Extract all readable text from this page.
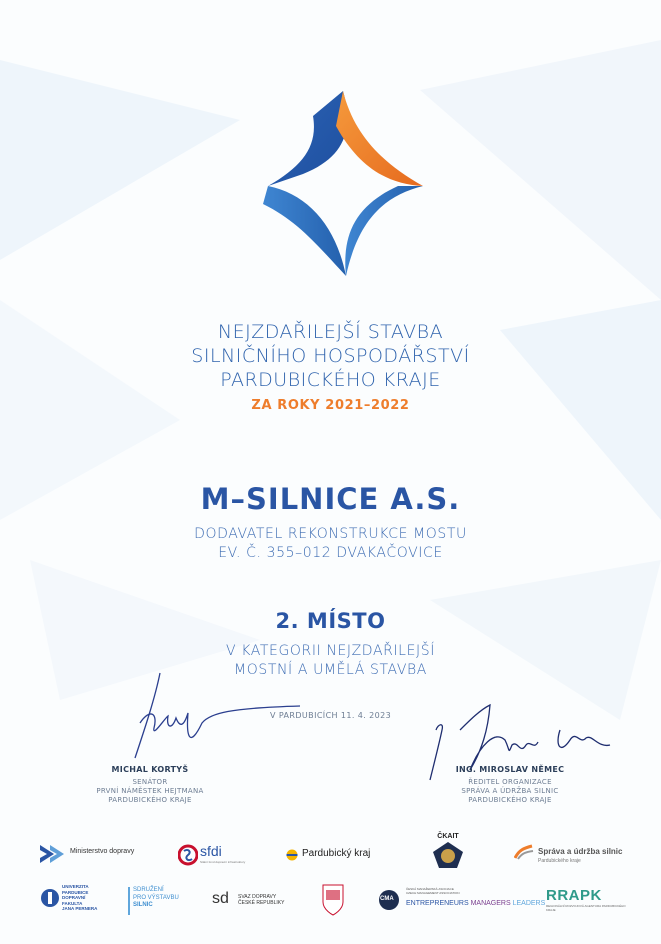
NEJZDAŘILEJŠÍ STAVBA
SILNIČNÍHO HOSPODÁŘSTVÍ
PARDUBICKÉHO KRAJE
ZA ROKY 2021–2022
M–SILNICE A.S.
DODAVATEL REKONSTRUKCE MOSTU
EV. Č. 355–012 DVAKAČOVICE
2. MÍSTO
V KATEGORII NEJZDAŘILEJŠÍ
MOSTNÍ A UMĚLÁ STAVBA
V PARDUBICÍCH 11. 4. 2023
MICHAL KORTYŠ
SENÁTOR
PRVNÍ NÁMĚSTEK HEJTMANA
PARDUBICKÉHO KRAJE
ING. MIROSLAV NĚMEC
ŘEDITEL ORGANIZACE
SPRÁVA A ÚDRŽBA SILNIC
PARDUBICKÉHO KRAJE
Ministerstvo dopravy	sfdi
Státní fond dopravní infrastruktury
Pardubický kraj
ČKAIT
Správa a údržba silnic
Pardubického kraje
UNIVERZITA
PARDUBICE
DOPRAVNÍ
FAKULTA
JANA PERNERA
SDRUŽENÍ
PRO VÝSTAVBU
SILNIC	sd SVAZ DOPRAVY
ČESKÉ REPUBLIKY
CMA
ČESKÁ MANAŽERSKÁ ASOCIACE
CZECH MANAGEMENT ASSOCIATION
ENTREPRENEURS MANAGERS LEADERS RRAPK
REGIONÁLNÍ ROZVOJOVÁ AGENTURA PARDUBICKÉHO KRAJE
